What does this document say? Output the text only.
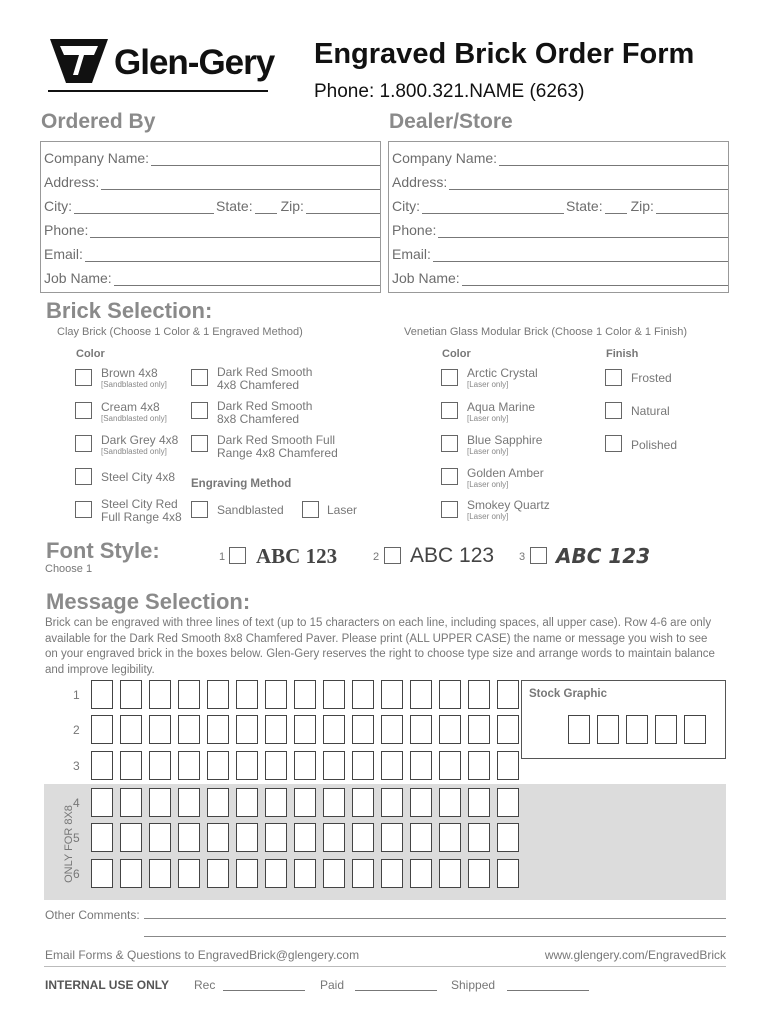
Glen-Gery Engraved Brick Order Form
Phone: 1.800.321.NAME (6263)
Ordered By	Dealer/Store
Company Name:
Address:
City:	State: Zip:
Phone:
Email:
Job Name:
Company Name:
Address:
City:	State: Zip:
Phone:
Email:
Job Name:
Brick Selection:
Clay Brick (Choose 1 Color & 1 Engraved Method)	Venetian Glass Modular Brick (Choose 1 Color & 1 Finish)
Color	Color	Finish
Brown 4x8
[Sandblasted only]
Cream 4x8
[Sandblasted only]
Dark Grey 4x8
[Sandblasted only]
Steel City 4x8
Steel City Red Full Range 4x8
Dark Red Smooth 4x8 Chamfered
Dark Red Smooth 8x8 Chamfered
Dark Red Smooth Full Range 4x8 Chamfered
Engraving Method
Sandblasted	Laser
Arctic Crystal
[Laser only]
Aqua Marine
[Laser only]
Blue Sapphire
[Laser only]
Golden Amber
[Laser only]
Smokey Quartz
[Laser only]
Frosted
Natural
Polished
Font Style:
Choose 1
1 ABC 123	2 ABC 123 3 ABC 123
Message Selection:
Brick can be engraved with three lines of text (up to 15 characters on each line, including spaces, all upper case). Row 4-6 are only available for the Dark Red Smooth 8x8 Chamfered Paver. Please print (ALL UPPER CASE) the name or message you wish to see on your engraved brick in the boxes below. Glen-Gery reserves the right to choose type size and arrange words to maintain balance and improve legibility.
ONLY FOR 8X8
1
2
3
4
5
6
Stock Graphic
Other Comments:
Email Forms & Questions to EngravedBrick@glengery.com	www.glengery.com/EngravedBrick
INTERNAL USE ONLY Rec	Paid	Shipped
